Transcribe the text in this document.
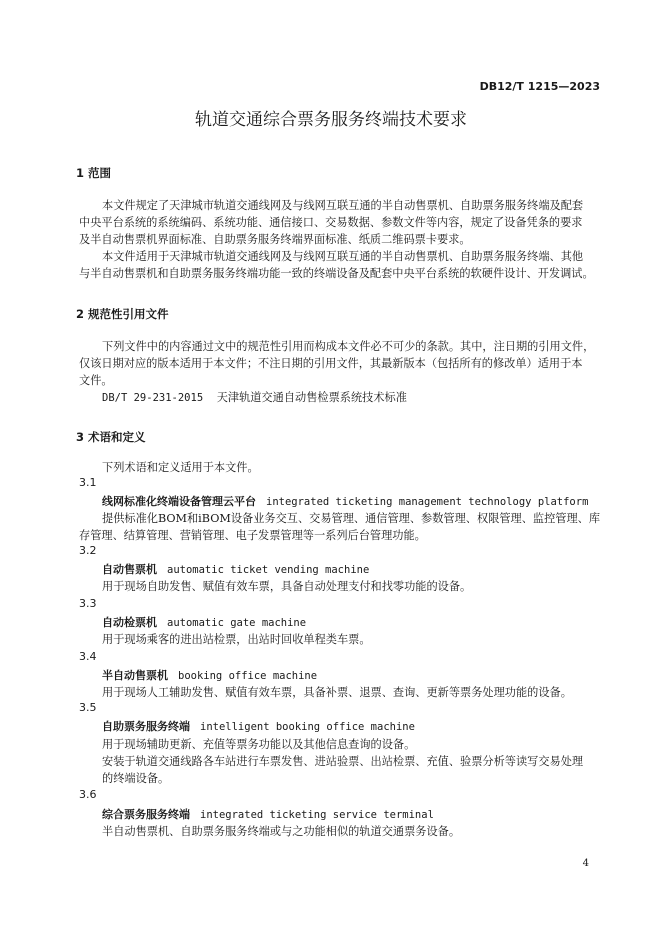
DB12/T 1215—2023
轨道交通综合票务服务终端技术要求
1 范围
本文件规定了天津城市轨道交通线网及与线网互联互通的半自动售票机、自助票务服务终端及配套
中央平台系统的系统编码、系统功能、通信接口、交易数据、参数文件等内容，规定了设备凭条的要求
及半自动售票机界面标准、自助票务服务终端界面标准、纸质二维码票卡要求。
本文件适用于天津城市轨道交通线网及与线网互联互通的半自动售票机、自助票务服务终端、其他
与半自动售票机和自助票务服务终端功能一致的终端设备及配套中央平台系统的软硬件设计、开发调试。
2 规范性引用文件
下列文件中的内容通过文中的规范性引用而构成本文件必不可少的条款。其中，注日期的引用文件，
仅该日期对应的版本适用于本文件；不注日期的引用文件，其最新版本（包括所有的修改单）适用于本
文件。
DB/T 29-231-2015 天津轨道交通自动售检票系统技术标准
3 术语和定义
下列术语和定义适用于本文件。
3.1
线网标准化终端设备管理云平台 integrated ticketing management technology platform
提供标准化BOM和iBOM设备业务交互、交易管理、通信管理、参数管理、权限管理、监控管理、库
存管理、结算管理、营销管理、电子发票管理等一系列后台管理功能。
3.2
自动售票机 automatic ticket vending machine
用于现场自助发售、赋值有效车票，具备自动处理支付和找零功能的设备。
3.3
自动检票机 automatic gate machine
用于现场乘客的进出站检票，出站时回收单程类车票。
3.4
半自动售票机 booking office machine
用于现场人工辅助发售、赋值有效车票，具备补票、退票、查询、更新等票务处理功能的设备。
3.5
自助票务服务终端 intelligent booking office machine
用于现场辅助更新、充值等票务功能以及其他信息查询的设备。
安装于轨道交通线路各车站进行车票发售、进站验票、出站检票、充值、验票分析等读写交易处理
的终端设备。
3.6
综合票务服务终端 integrated ticketing service terminal
半自动售票机、自助票务服务终端或与之功能相似的轨道交通票务设备。
4
